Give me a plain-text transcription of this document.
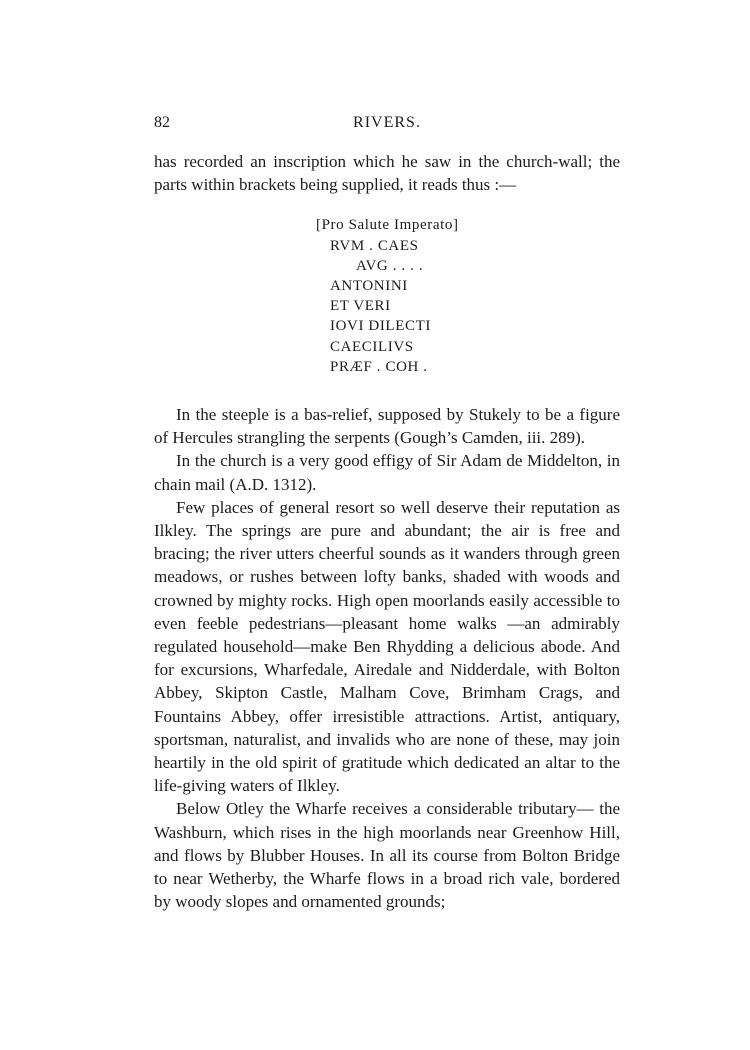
82	RIVERS.

has recorded an inscription which he saw in the church-wall; the parts within brackets being supplied, it reads thus :—

[Pro Salute Imperato]
RVM . CAES
AVG . . . .
ANTONINI
ET VERI
IOVI DILECTI
CAECILIVS
PRÆF . COH .

In the steeple is a bas-relief, supposed by Stukely to be a figure of Hercules strangling the serpents (Gough’s Camden, iii. 289).

In the church is a very good effigy of Sir Adam de Middelton, in chain mail (A.D. 1312).

Few places of general resort so well deserve their reputation as Ilkley. The springs are pure and abundant; the air is free and bracing; the river utters cheerful sounds as it wanders through green meadows, or rushes between lofty banks, shaded with woods and crowned by mighty rocks. High open moorlands easily accessible to even feeble pedestrians—pleasant home walks —an admirably regulated household—make Ben Rhydding a delicious abode. And for excursions, Wharfedale, Airedale and Nidderdale, with Bolton Abbey, Skipton Castle, Malham Cove, Brimham Crags, and Fountains Abbey, offer irresistible attractions. Artist, antiquary, sportsman, naturalist, and invalids who are none of these, may join heartily in the old spirit of gratitude which dedicated an altar to the life-giving waters of Ilkley.

Below Otley the Wharfe receives a considerable tributary— the Washburn, which rises in the high moorlands near Greenhow Hill, and flows by Blubber Houses. In all its course from Bolton Bridge to near Wetherby, the Wharfe flows in a broad rich vale, bordered by woody slopes and ornamented grounds;
